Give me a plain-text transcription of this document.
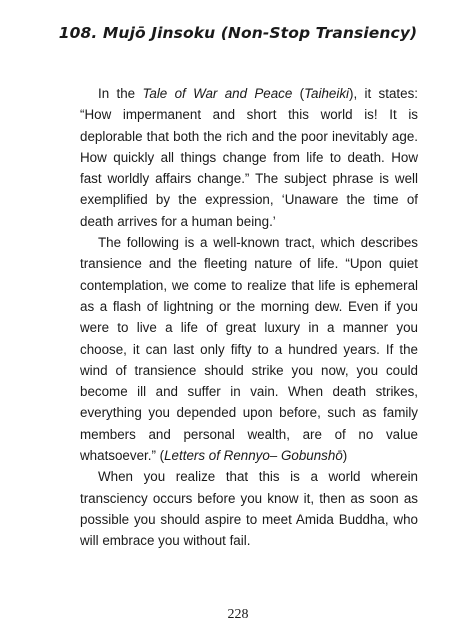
108. Mujō Jinsoku (Non-Stop Transiency)

In the Tale of War and Peace (Taiheiki), it states: “How impermanent and short this world is! It is deplorable that both the rich and the poor inevitably age. How quickly all things change from life to death. How fast worldly affairs change.” The subject phrase is well exemplified by the expression, ‘Unaware the time of death arrives for a human being.’

The following is a well-known tract, which describes transience and the fleeting nature of life. “Upon quiet contemplation, we come to realize that life is ephemeral as a flash of lightning or the morning dew. Even if you were to live a life of great luxury in a manner you choose, it can last only fifty to a hundred years. If the wind of transience should strike you now, you could become ill and suffer in vain. When death strikes, everything you depended upon before, such as family members and personal wealth, are of no value whatsoever.” (Letters of Rennyo– Gobunshō)

When you realize that this is a world wherein transciency occurs before you know it, then as soon as possible you should aspire to meet Amida Buddha, who will embrace you without fail.

228
